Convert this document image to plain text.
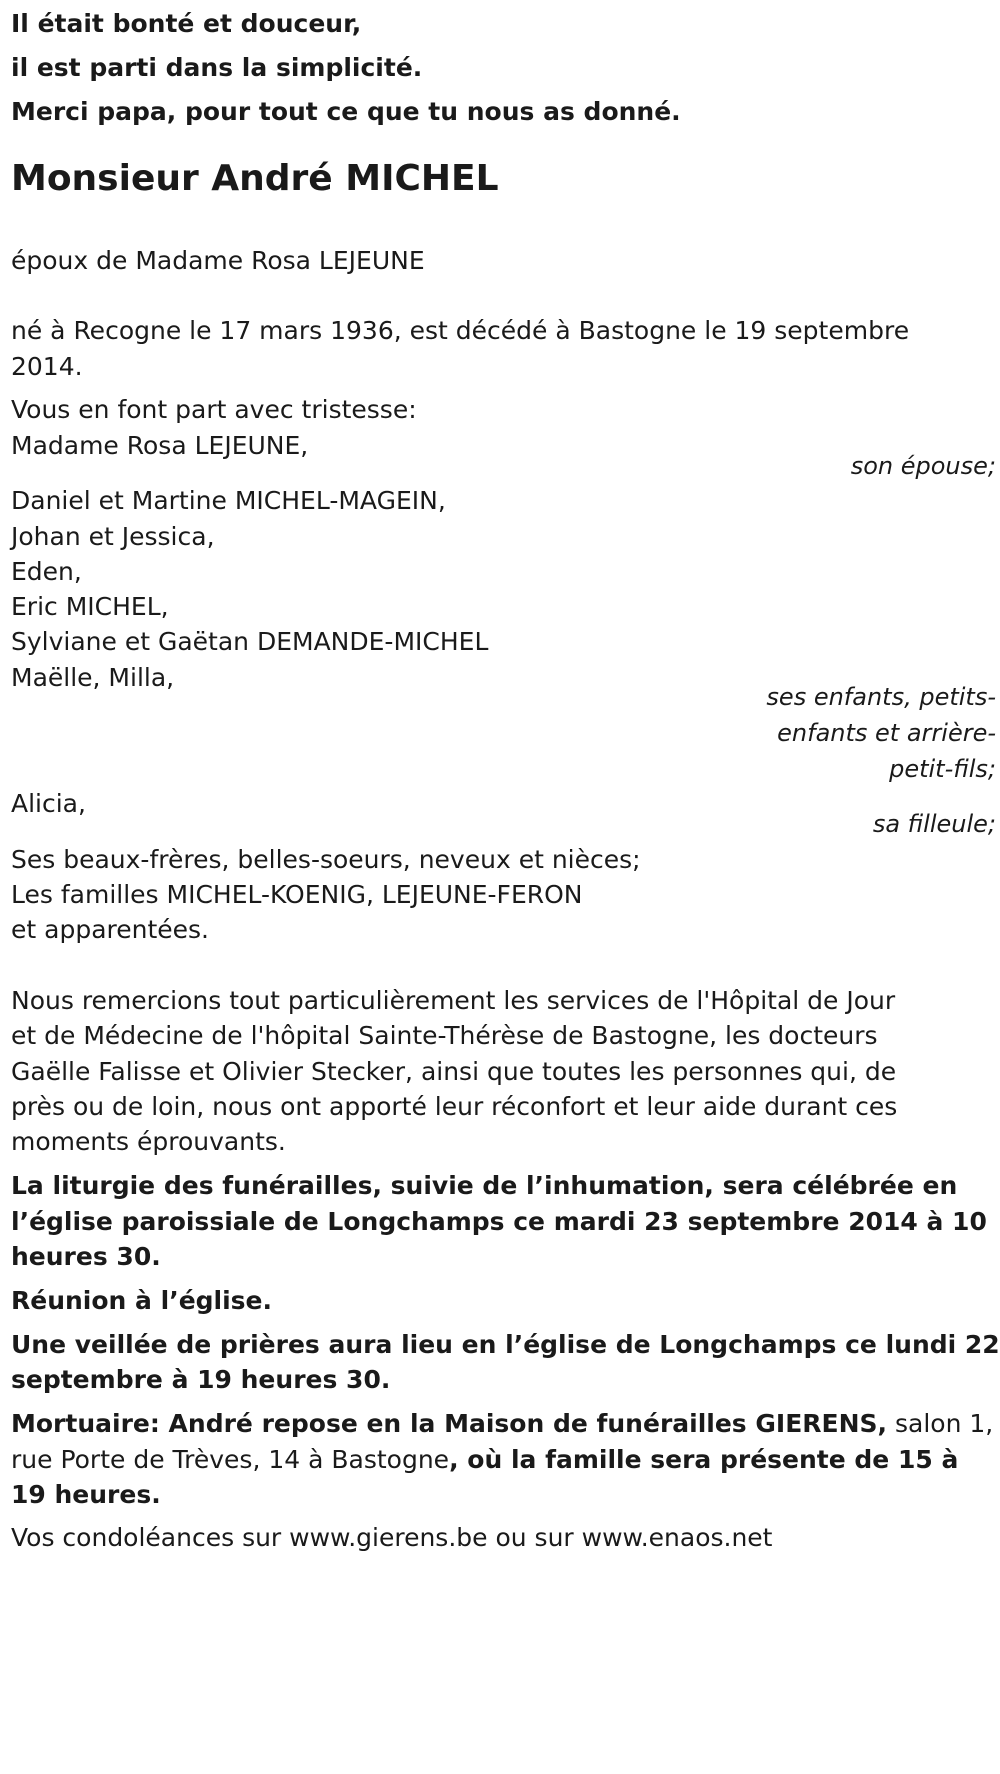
Il était bonté et douceur,
il est parti dans la simplicité.
Merci papa, pour tout ce que tu nous as donné.
Monsieur André MICHEL
époux de Madame Rosa LEJEUNE
né à Recogne le 17 mars 1936, est décédé à Bastogne le 19 septembre
2014.
Vous en font part avec tristesse:
Madame Rosa LEJEUNE,
son épouse;
Daniel et Martine MICHEL-MAGEIN,
Johan et Jessica,
Eden,
Eric MICHEL,
Sylviane et Gaëtan DEMANDE-MICHEL
Maëlle, Milla,
ses enfants, petits-
enfants et arrière-
petit-fils;
Alicia,
sa filleule;
Ses beaux-frères, belles-soeurs, neveux et nièces;
Les familles MICHEL-KOENIG, LEJEUNE-FERON
et apparentées.
Nous remercions tout particulièrement les services de l'Hôpital de Jour
et de Médecine de l'hôpital Sainte-Thérèse de Bastogne, les docteurs
Gaëlle Falisse et Olivier Stecker, ainsi que toutes les personnes qui, de
près ou de loin, nous ont apporté leur réconfort et leur aide durant ces
moments éprouvants.
La liturgie des funérailles, suivie de l’inhumation, sera célébrée en
l’église paroissiale de Longchamps ce mardi 23 septembre 2014 à 10
heures 30.
Réunion à l’église.
Une veillée de prières aura lieu en l’église de Longchamps ce lundi 22
septembre à 19 heures 30.
Mortuaire: André repose en la Maison de funérailles GIERENS, salon 1,
rue Porte de Trèves, 14 à Bastogne, où la famille sera présente de 15 à
19 heures.
Vos condoléances sur www.gierens.be ou sur www.enaos.net
